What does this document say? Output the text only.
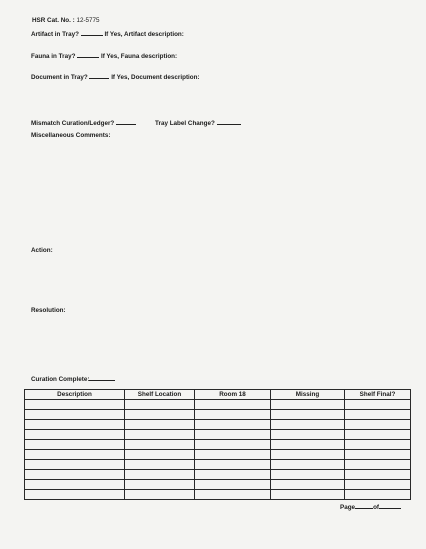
HSR Cat. No. : 12-5775
Artifact in Tray?	If Yes, Artifact description:
Fauna in Tray?	If Yes, Fauna description:
Document in Tray?	If Yes, Document description:
Mismatch Curation/Ledger?	Tray Label Change?
Miscellaneous Comments:
Action:
Resolution:
Curation Complete:
Description	Shelf Location	Room 18	Missing	Shelf Final?

Page	of
